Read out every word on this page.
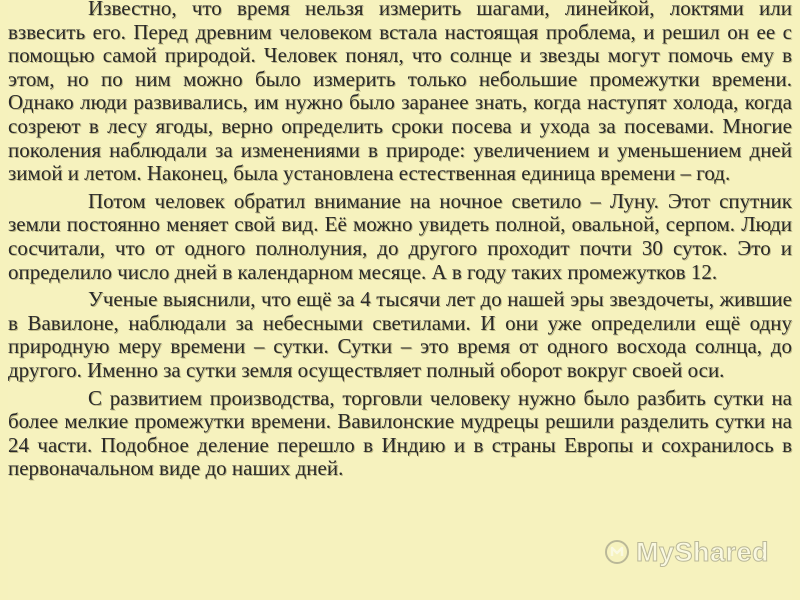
Известно, что время нельзя измерить шагами, линейкой, локтями или взвесить его. Перед древним человеком встала настоящая проблема, и решил он ее с помощью самой природой. Человек понял, что солнце и звезды могут помочь ему в этом, но по ним можно было измерить только небольшие промежутки времени. Однако люди развивались, им нужно было заранее знать, когда наступят холода, когда созреют в лесу ягоды, верно определить сроки посева и ухода за посевами. Многие поколения наблюдали за изменениями в природе: увеличением и уменьшением дней зимой и летом. Наконец, была установлена естественная единица времени – год.

Потом человек обратил внимание на ночное светило – Луну. Этот спутник земли постоянно меняет свой вид. Её можно увидеть полной, овальной, серпом. Люди сосчитали, что от одного полнолуния, до другого проходит почти 30 суток. Это и определило число дней в календарном месяце. А в году таких промежутков 12.

Ученые выяснили, что ещё за 4 тысячи лет до нашей эры звездочеты, жившие в Вавилоне, наблюдали за небесными светилами. И они уже определили ещё одну природную меру времени – сутки. Сутки – это время от одного восхода солнца, до другого. Именно за сутки земля осуществляет полный оборот вокруг своей оси.

С развитием производства, торговли человеку нужно было разбить сутки на более мелкие промежутки времени. Вавилонские мудрецы решили разделить сутки на 24 части. Подобное деление перешло в Индию и в страны Европы и сохранилось в первоначальном виде до наших дней.

MyShared
